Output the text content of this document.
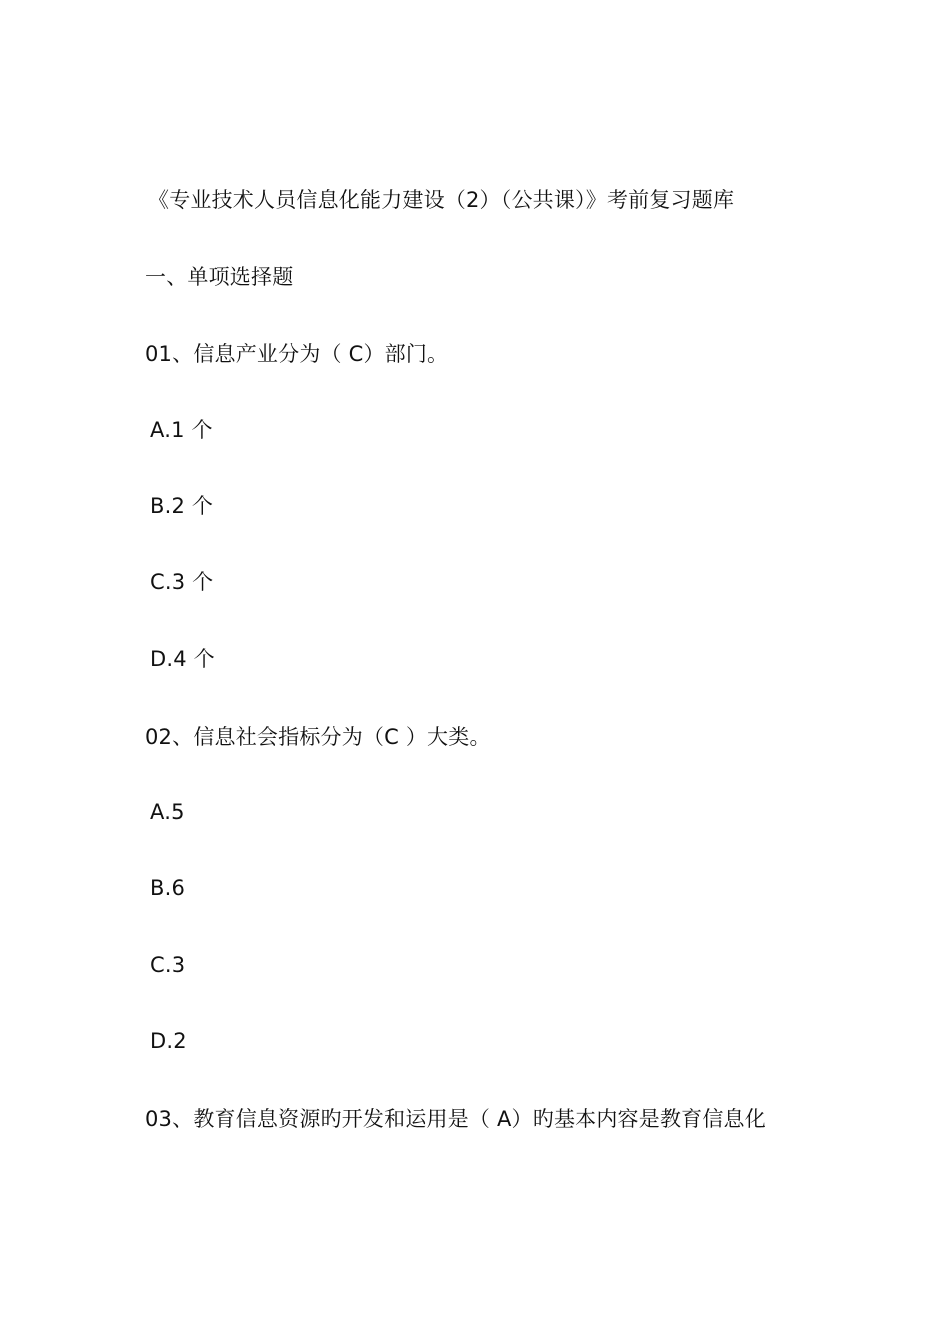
《专业技术人员信息化能力建设（2）（公共课）》考前复习题库
一、单项选择题
01、信息产业分为（ C）部门。
A.1 个
B.2 个
C.3 个
D.4 个
02、信息社会指标分为（C ）大类。
A.5
B.6
C.3
D.2
03、教育信息资源旳开发和运用是（ A）旳基本内容是教育信息化
